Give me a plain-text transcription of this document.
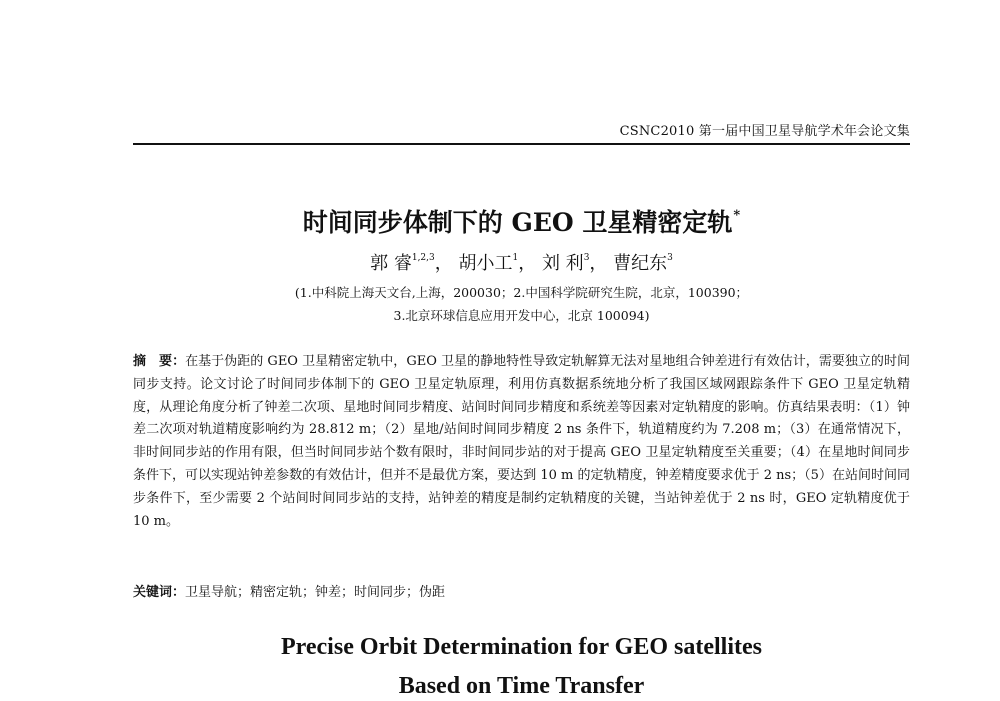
CSNC2010 第一届中国卫星导航学术年会论文集
时间同步体制下的 GEO 卫星精密定轨*
郭 睿$^{1,2,3}$， 胡小工$^1$， 刘 利$^3$， 曹纪东$^3$
(1.中科院上海天文台,上海，200030；2.中国科学院研究生院，北京，100390；
3.北京环球信息应用开发中心，北京 100094)

摘　要：在基于伪距的 GEO 卫星精密定轨中，GEO 卫星的静地特性导致定轨解算无法对星地组合钟差进行有效估计，需要独立的时间同步支持。论文讨论了时间同步体制下的 GEO 卫星定轨原理，利用仿真数据系统地分析了我国区域网跟踪条件下 GEO 卫星定轨精度，从理论角度分析了钟差二次项、星地时间同步精度、站间时间同步精度和系统差等因素对定轨精度的影响。仿真结果表明：（1）钟差二次项对轨道精度影响约为 28.812 m；（2）星地/站间时间同步精度 2 ns 条件下，轨道精度约为 7.208 m；（3）在通常情况下，非时间同步站的作用有限，但当时间同步站个数有限时，非时间同步站的对于提高 GEO 卫星定轨精度至关重要；（4）在星地时间同步条件下，可以实现站钟差参数的有效估计，但并不是最优方案，要达到 10 m 的定轨精度，钟差精度要求优于 2 ns；（5）在站间时间同步条件下，至少需要 2 个站间时间同步站的支持，站钟差的精度是制约定轨精度的关键，当站钟差优于 2 ns 时，GEO 定轨精度优于 10 m。

关键词：卫星导航；精密定轨；钟差；时间同步；伪距
Precise Orbit Determination for GEO satellites
Based on Time Transfer
